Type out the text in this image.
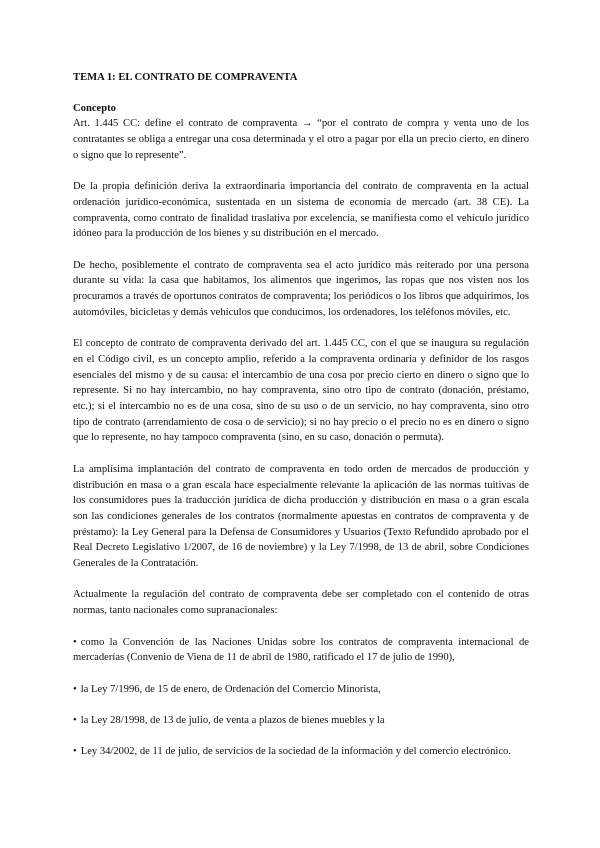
TEMA 1: EL CONTRATO DE COMPRAVENTA
Concepto

Art. 1.445 CC: define el contrato de compraventa → “por el contrato de compra y venta uno de los contratantes se obliga a entregar una cosa determinada y el otro a pagar por ella un precio cierto, en dinero o signo que lo represente”.

De la propia definición deriva la extraordinaria importancia del contrato de compraventa en la actual ordenación jurídico-económica, sustentada en un sistema de economía de mercado (art. 38 CE). La compraventa, como contrato de finalidad traslativa por excelencia, se manifiesta como el vehículo jurídico idóneo para la producción de los bienes y su distribución en el mercado.

De hecho, posiblemente el contrato de compraventa sea el acto jurídico más reiterado por una persona durante su vida: la casa que habitamos, los alimentos que ingerimos, las ropas que nos visten nos los procuramos a través de oportunos contratos de compraventa; los periódicos o los libros que adquirimos, los automóviles, bicicletas y demás vehículos que conducimos, los ordenadores, los teléfonos móviles, etc.

El concepto de contrato de compraventa derivado del art. 1.445 CC, con el que se inaugura su regulación en el Código civil, es un concepto amplio, referido a la compraventa ordinaria y definidor de los rasgos esenciales del mismo y de su causa: el intercambio de una cosa por precio cierto en dinero o signo que lo represente. Si no hay intercambio, no hay compraventa, sino otro tipo de contrato (donación, préstamo, etc.); si el intercambio no es de una cosa, sino de su uso o de un servicio, no hay compraventa, sino otro tipo de contrato (arrendamiento de cosa o de servicio); si no hay precio o el precio no es en dinero o signo que lo represente, no hay tampoco compraventa (sino, en su caso, donación o permuta).

La amplísima implantación del contrato de compraventa en todo orden de mercados de producción y distribución en masa o a gran escala hace especialmente relevante la aplicación de las normas tuitivas de los consumidores pues la traducción jurídica de dicha producción y distribución en masa o a gran escala son las condiciones generales de los contratos (normalmente apuestas en contratos de compraventa y de préstamo): la Ley General para la Defensa de Consumidores y Usuarios (Texto Refundido aprobado por el Real Decreto Legislativo 1/2007, de 16 de noviembre) y la Ley 7/1998, de 13 de abril, sobre Condiciones Generales de la Contratación.

Actualmente la regulación del contrato de compraventa debe ser completado con el contenido de otras normas, tanto nacionales como supranacionales:

• como la Convención de las Naciones Unidas sobre los contratos de compraventa internacional de mercaderías (Convenio de Viena de 11 de abril de 1980, ratificado el 17 de julio de 1990),
• la Ley 7/1996, de 15 de enero, de Ordenación del Comercio Minorista,
• la Ley 28/1998, de 13 de julio, de venta a plazos de bienes muebles y la
• Ley 34/2002, de 11 de julio, de servicios de la sociedad de la información y del comercio electrónico.
